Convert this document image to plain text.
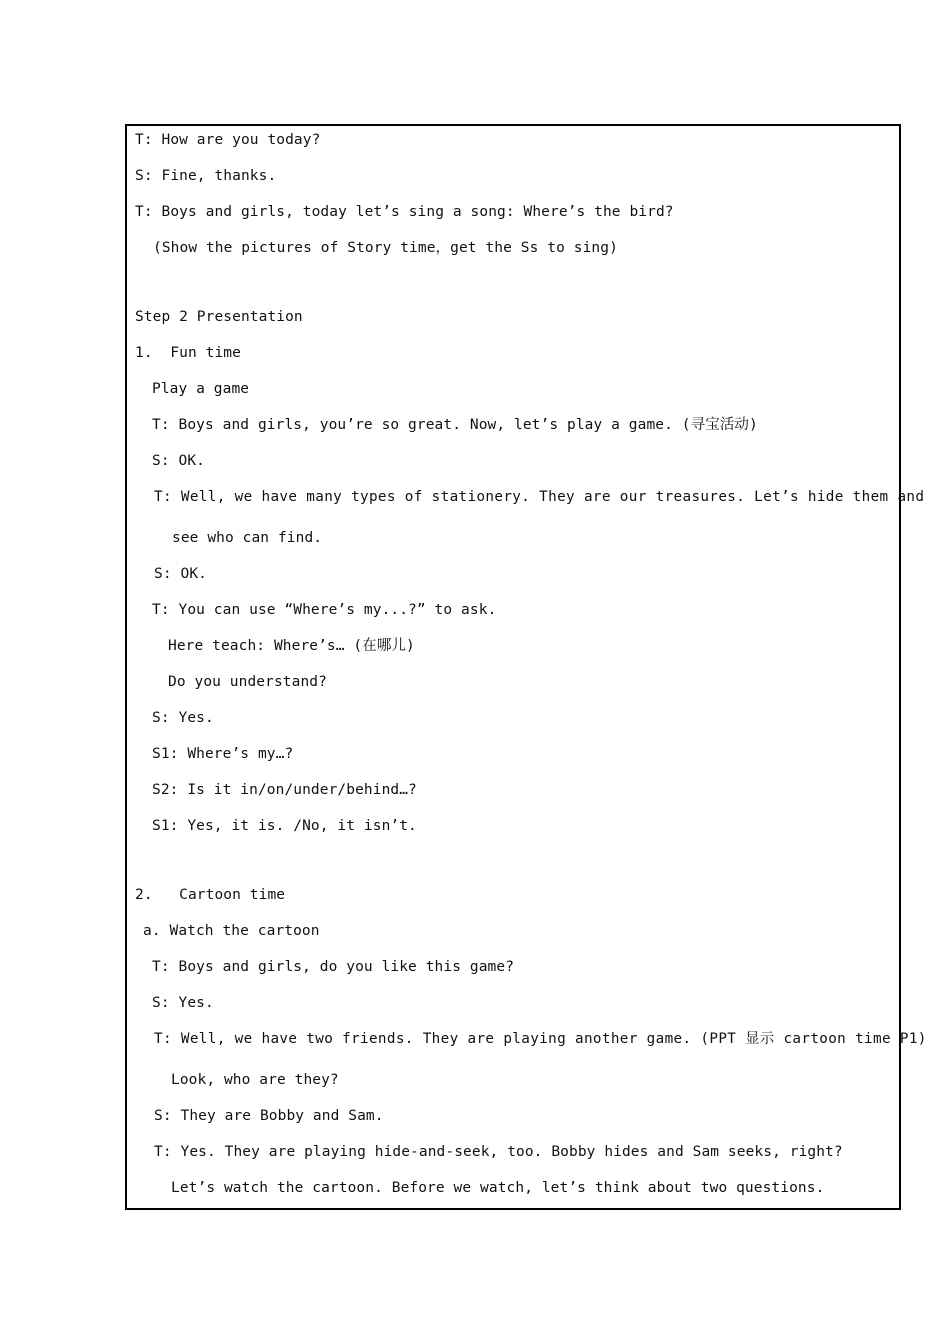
T: How are you today?
S: Fine, thanks.
T: Boys and girls, today let’s sing a song: Where’s the bird?
(Show the pictures of Story time，get the Ss to sing)
Step 2 Presentation
1.  Fun time
Play a game
T: Boys and girls, you’re so great. Now, let’s play a game. (寻宝活动)
S: OK.
T: Well, we have many types of stationery. They are our treasures. Let’s hide them and
see who can find.
S: OK.
T: You can use “Where’s my...?” to ask.
Here teach: Where’s… (在哪儿)
Do you understand?
S: Yes.
S1: Where’s my…?
S2: Is it in/on/under/behind…?
S1: Yes, it is. /No, it isn’t.
2.   Cartoon time
a. Watch the cartoon
T: Boys and girls, do you like this game?
S: Yes.
T: Well, we have two friends. They are playing another game. (PPT 显示 cartoon time P1)
Look, who are they?
S: They are Bobby and Sam.
T: Yes. They are playing hide-and-seek, too. Bobby hides and Sam seeks, right?
Let’s watch the cartoon. Before we watch, let’s think about two questions.
